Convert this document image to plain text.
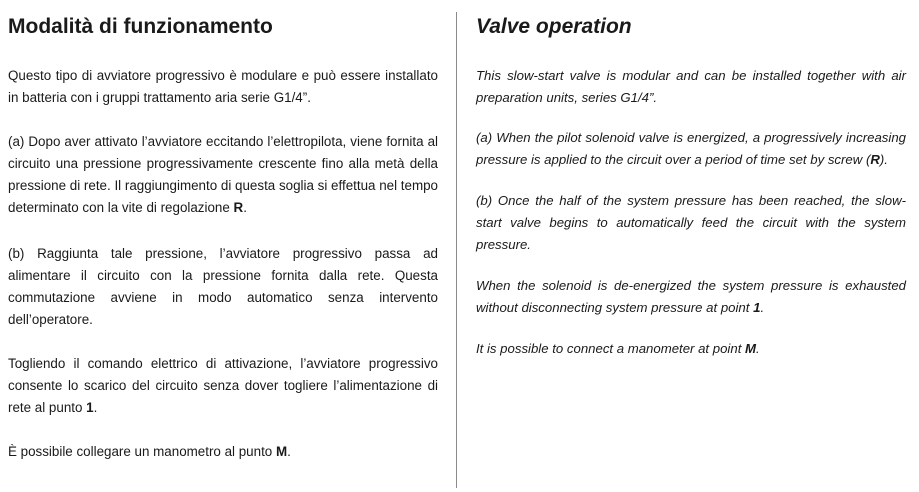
Modalità di funzionamento

Questo tipo di avviatore progressivo è modulare e può essere installato in batteria con i gruppi trattamento aria serie G1/4”.

(a) Dopo aver attivato l’avviatore eccitando l’elettropilota, viene fornita al circuito una pressione progressivamente crescente fino alla metà della pressione di rete. Il raggiungimento di questa soglia si effettua nel tempo determinato con la vite di regolazione R.

(b) Raggiunta tale pressione, l’avviatore progressivo passa ad alimentare il circuito con la pressione fornita dalla rete. Questa commutazione avviene in modo automatico senza intervento dell’operatore.

Togliendo il comando elettrico di attivazione, l’avviatore progressivo consente lo scarico del circuito senza dover togliere l’alimentazione di rete al punto 1.

È possibile collegare un manometro al punto M.

Valve operation

This slow-start valve is modular and can be installed together with air preparation units, series G1/4”.

(a) When the pilot solenoid valve is energized, a progressively increasing pressure is applied to the circuit over a period of time set by screw (R).

(b) Once the half of the system pressure has been reached, the slow-start valve begins to automatically feed the circuit with the system pressure.

When the solenoid is de-energized the system pressure is exhausted without disconnecting system pressure at point 1.

It is possible to connect a manometer at point M.
